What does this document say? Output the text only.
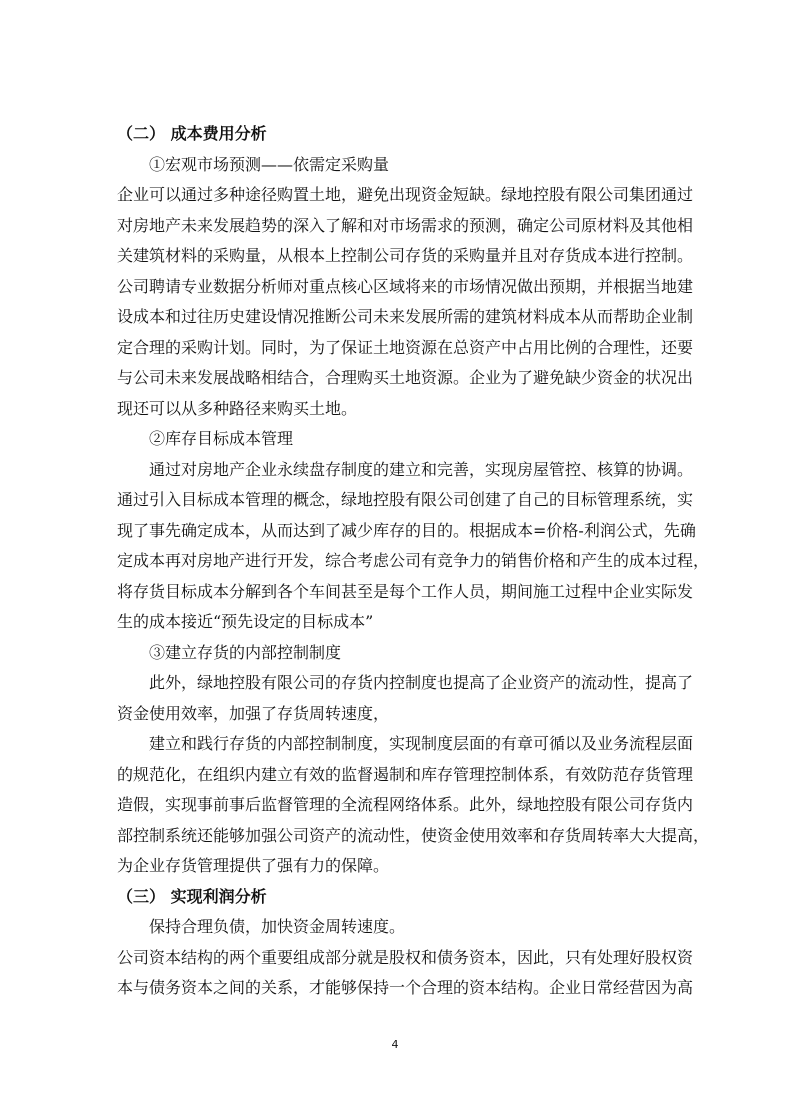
（二） 成本费用分析
①宏观市场预测——依需定采购量
企业可以通过多种途径购置土地，避免出现资金短缺。绿地控股有限公司集团通过
对房地产未来发展趋势的深入了解和对市场需求的预测，确定公司原材料及其他相
关建筑材料的采购量，从根本上控制公司存货的采购量并且对存货成本进行控制。
公司聘请专业数据分析师对重点核心区域将来的市场情况做出预期，并根据当地建
设成本和过往历史建设情况推断公司未来发展所需的建筑材料成本从而帮助企业制
定合理的采购计划。同时，为了保证土地资源在总资产中占用比例的合理性，还要
与公司未来发展战略相结合，合理购买土地资源。企业为了避免缺少资金的状况出
现还可以从多种路径来购买土地。
②库存目标成本管理
通过对房地产企业永续盘存制度的建立和完善，实现房屋管控、核算的协调。
通过引入目标成本管理的概念，绿地控股有限公司创建了自己的目标管理系统，实
现了事先确定成本，从而达到了减少库存的目的。根据成本=价格-利润公式，先确
定成本再对房地产进行开发，综合考虑公司有竞争力的销售价格和产生的成本过程，
将存货目标成本分解到各个车间甚至是每个工作人员，期间施工过程中企业实际发
生的成本接近“预先设定的目标成本”
③建立存货的内部控制制度
此外，绿地控股有限公司的存货内控制度也提高了企业资产的流动性，提高了
资金使用效率，加强了存货周转速度，
建立和践行存货的内部控制制度，实现制度层面的有章可循以及业务流程层面
的规范化，在组织内建立有效的监督遏制和库存管理控制体系，有效防范存货管理
造假，实现事前事后监督管理的全流程网络体系。此外，绿地控股有限公司存货内
部控制系统还能够加强公司资产的流动性，使资金使用效率和存货周转率大大提高，
为企业存货管理提供了强有力的保障。
（三） 实现利润分析
保持合理负债，加快资金周转速度。
公司资本结构的两个重要组成部分就是股权和债务资本，因此，只有处理好股权资
本与债务资本之间的关系，才能够保持一个合理的资本结构。企业日常经营因为高
4
